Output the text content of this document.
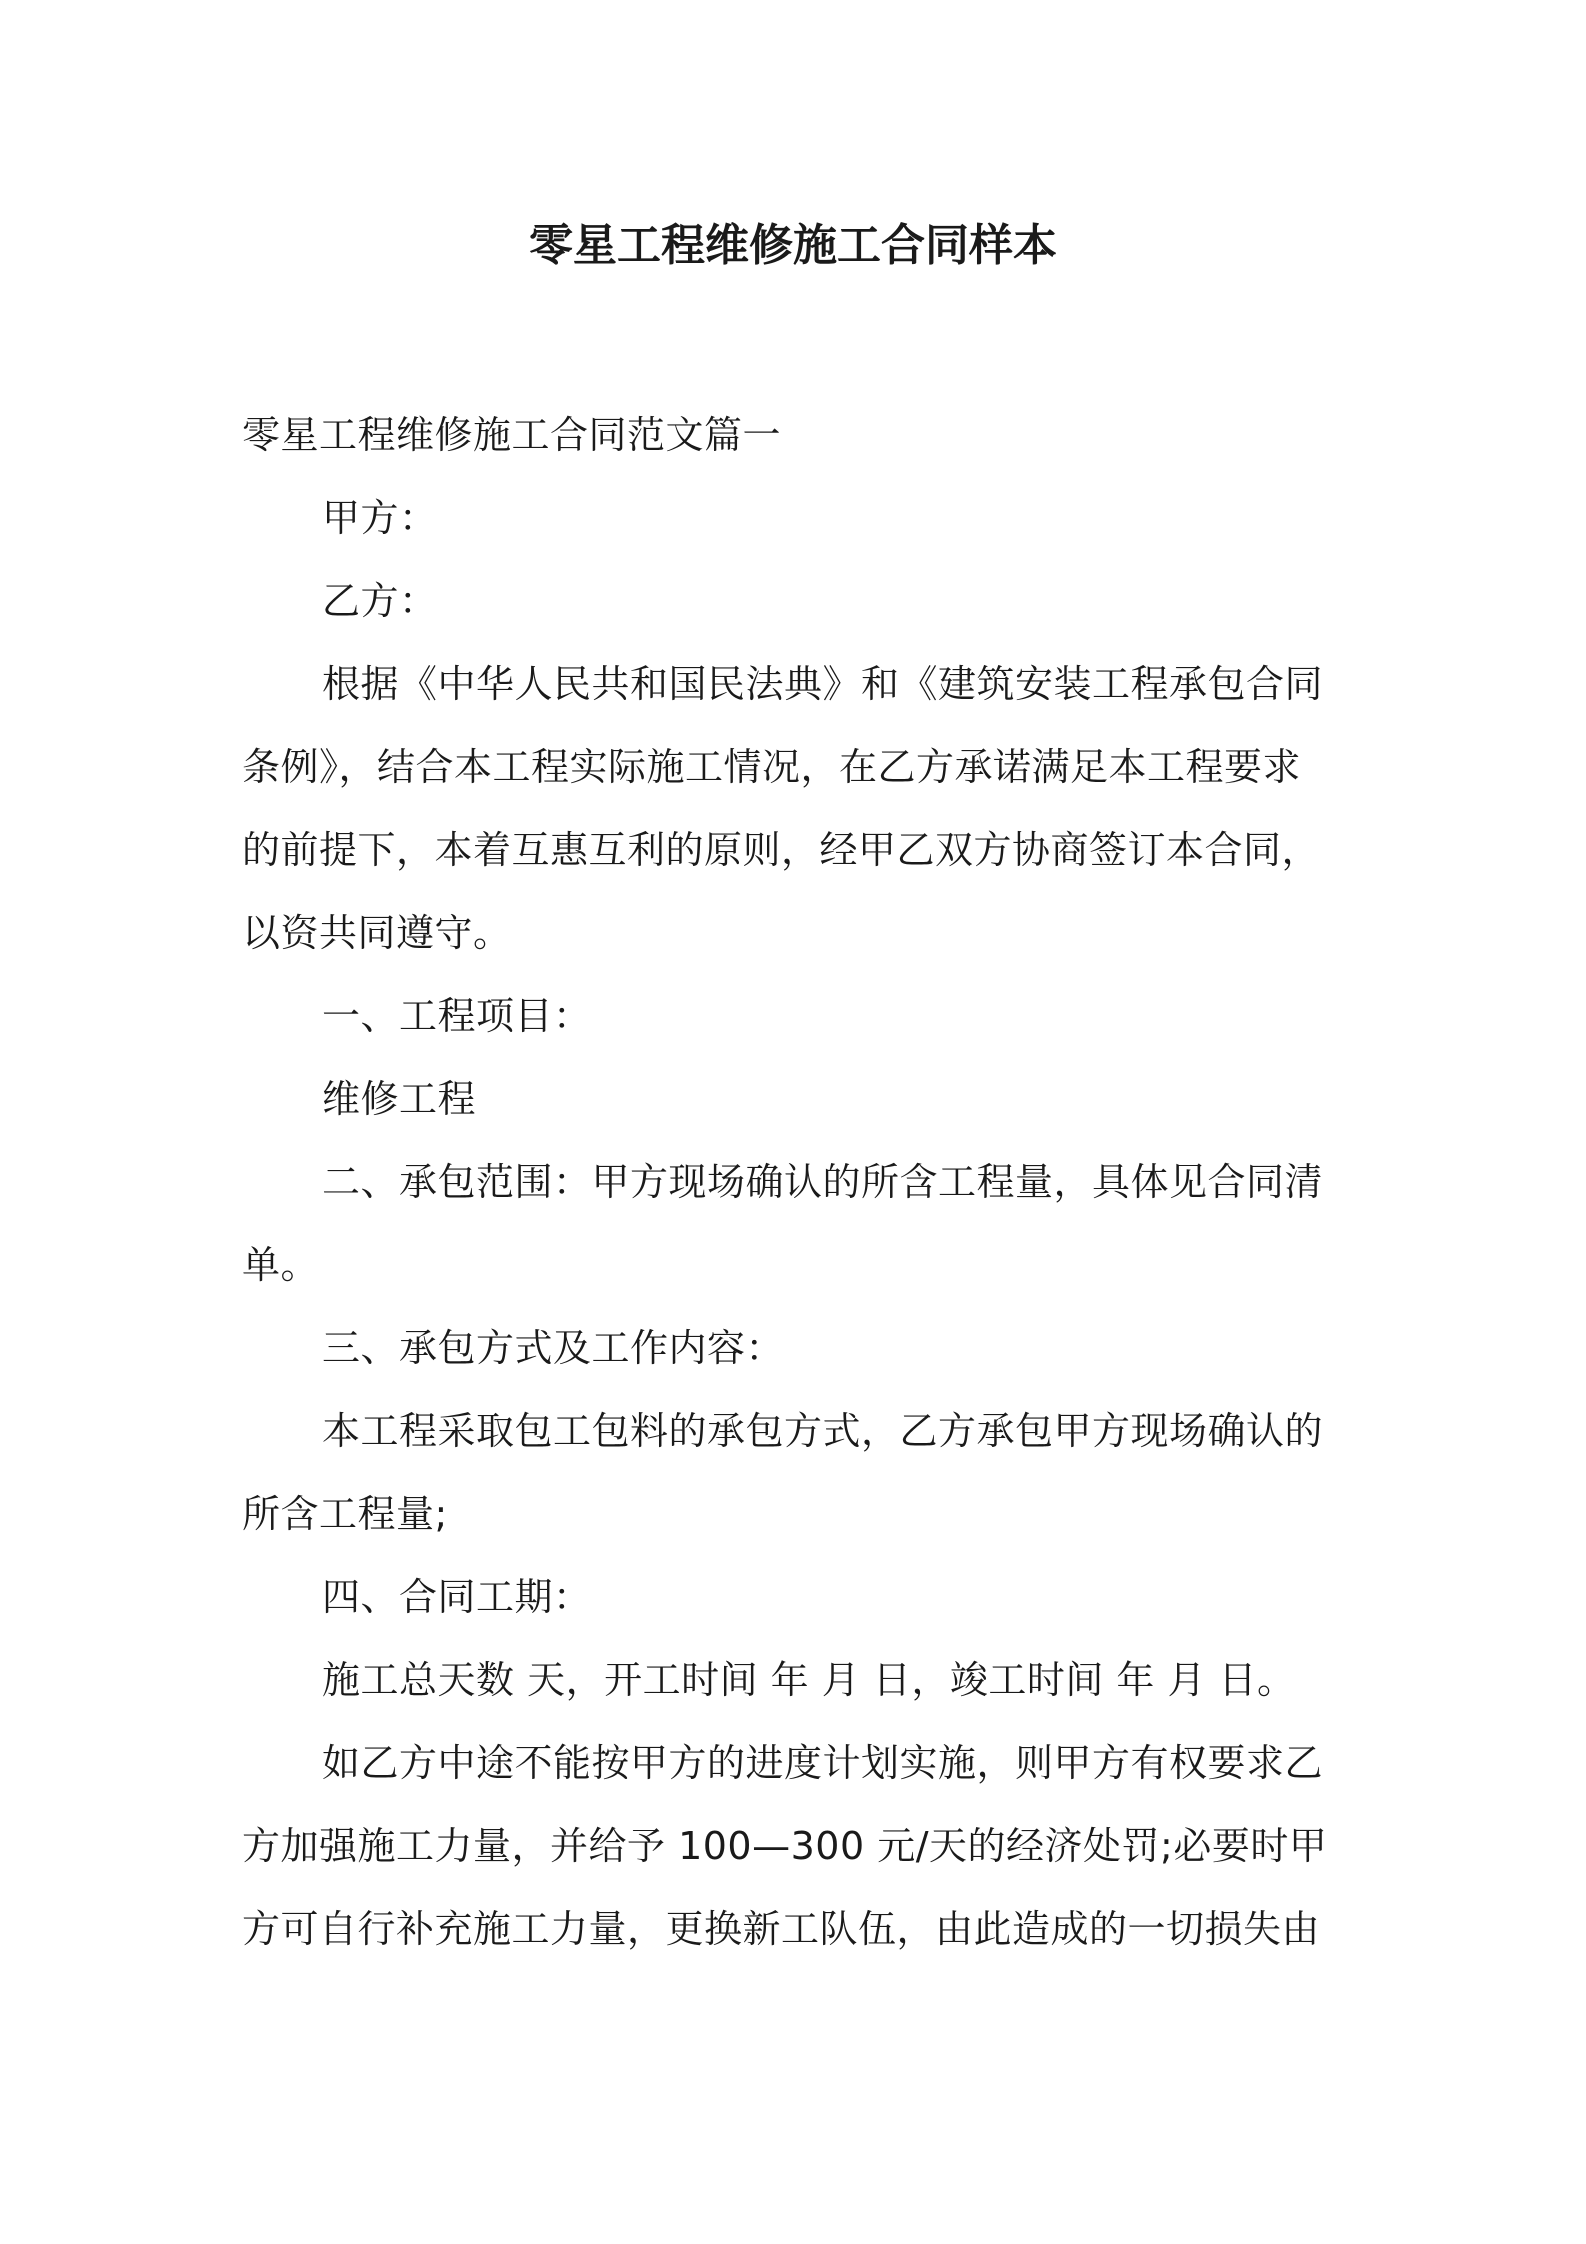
零星工程维修施工合同样本
零星工程维修施工合同范文篇一
甲方：
乙方：
根据《中华人民共和国民法典》和《建筑安装工程承包合同
条例》，结合本工程实际施工情况，在乙方承诺满足本工程要求
的前提下，本着互惠互利的原则，经甲乙双方协商签订本合同，
以资共同遵守。
一、工程项目：
维修工程
二、承包范围：甲方现场确认的所含工程量，具体见合同清
单。
三、承包方式及工作内容：
本工程采取包工包料的承包方式，乙方承包甲方现场确认的
所含工程量;
四、合同工期：
施工总天数 天，开工时间 年 月 日，竣工时间 年 月 日。
如乙方中途不能按甲方的进度计划实施，则甲方有权要求乙
方加强施工力量，并给予 100—300 元/天的经济处罚;必要时甲
方可自行补充施工力量，更换新工队伍，由此造成的一切损失由
